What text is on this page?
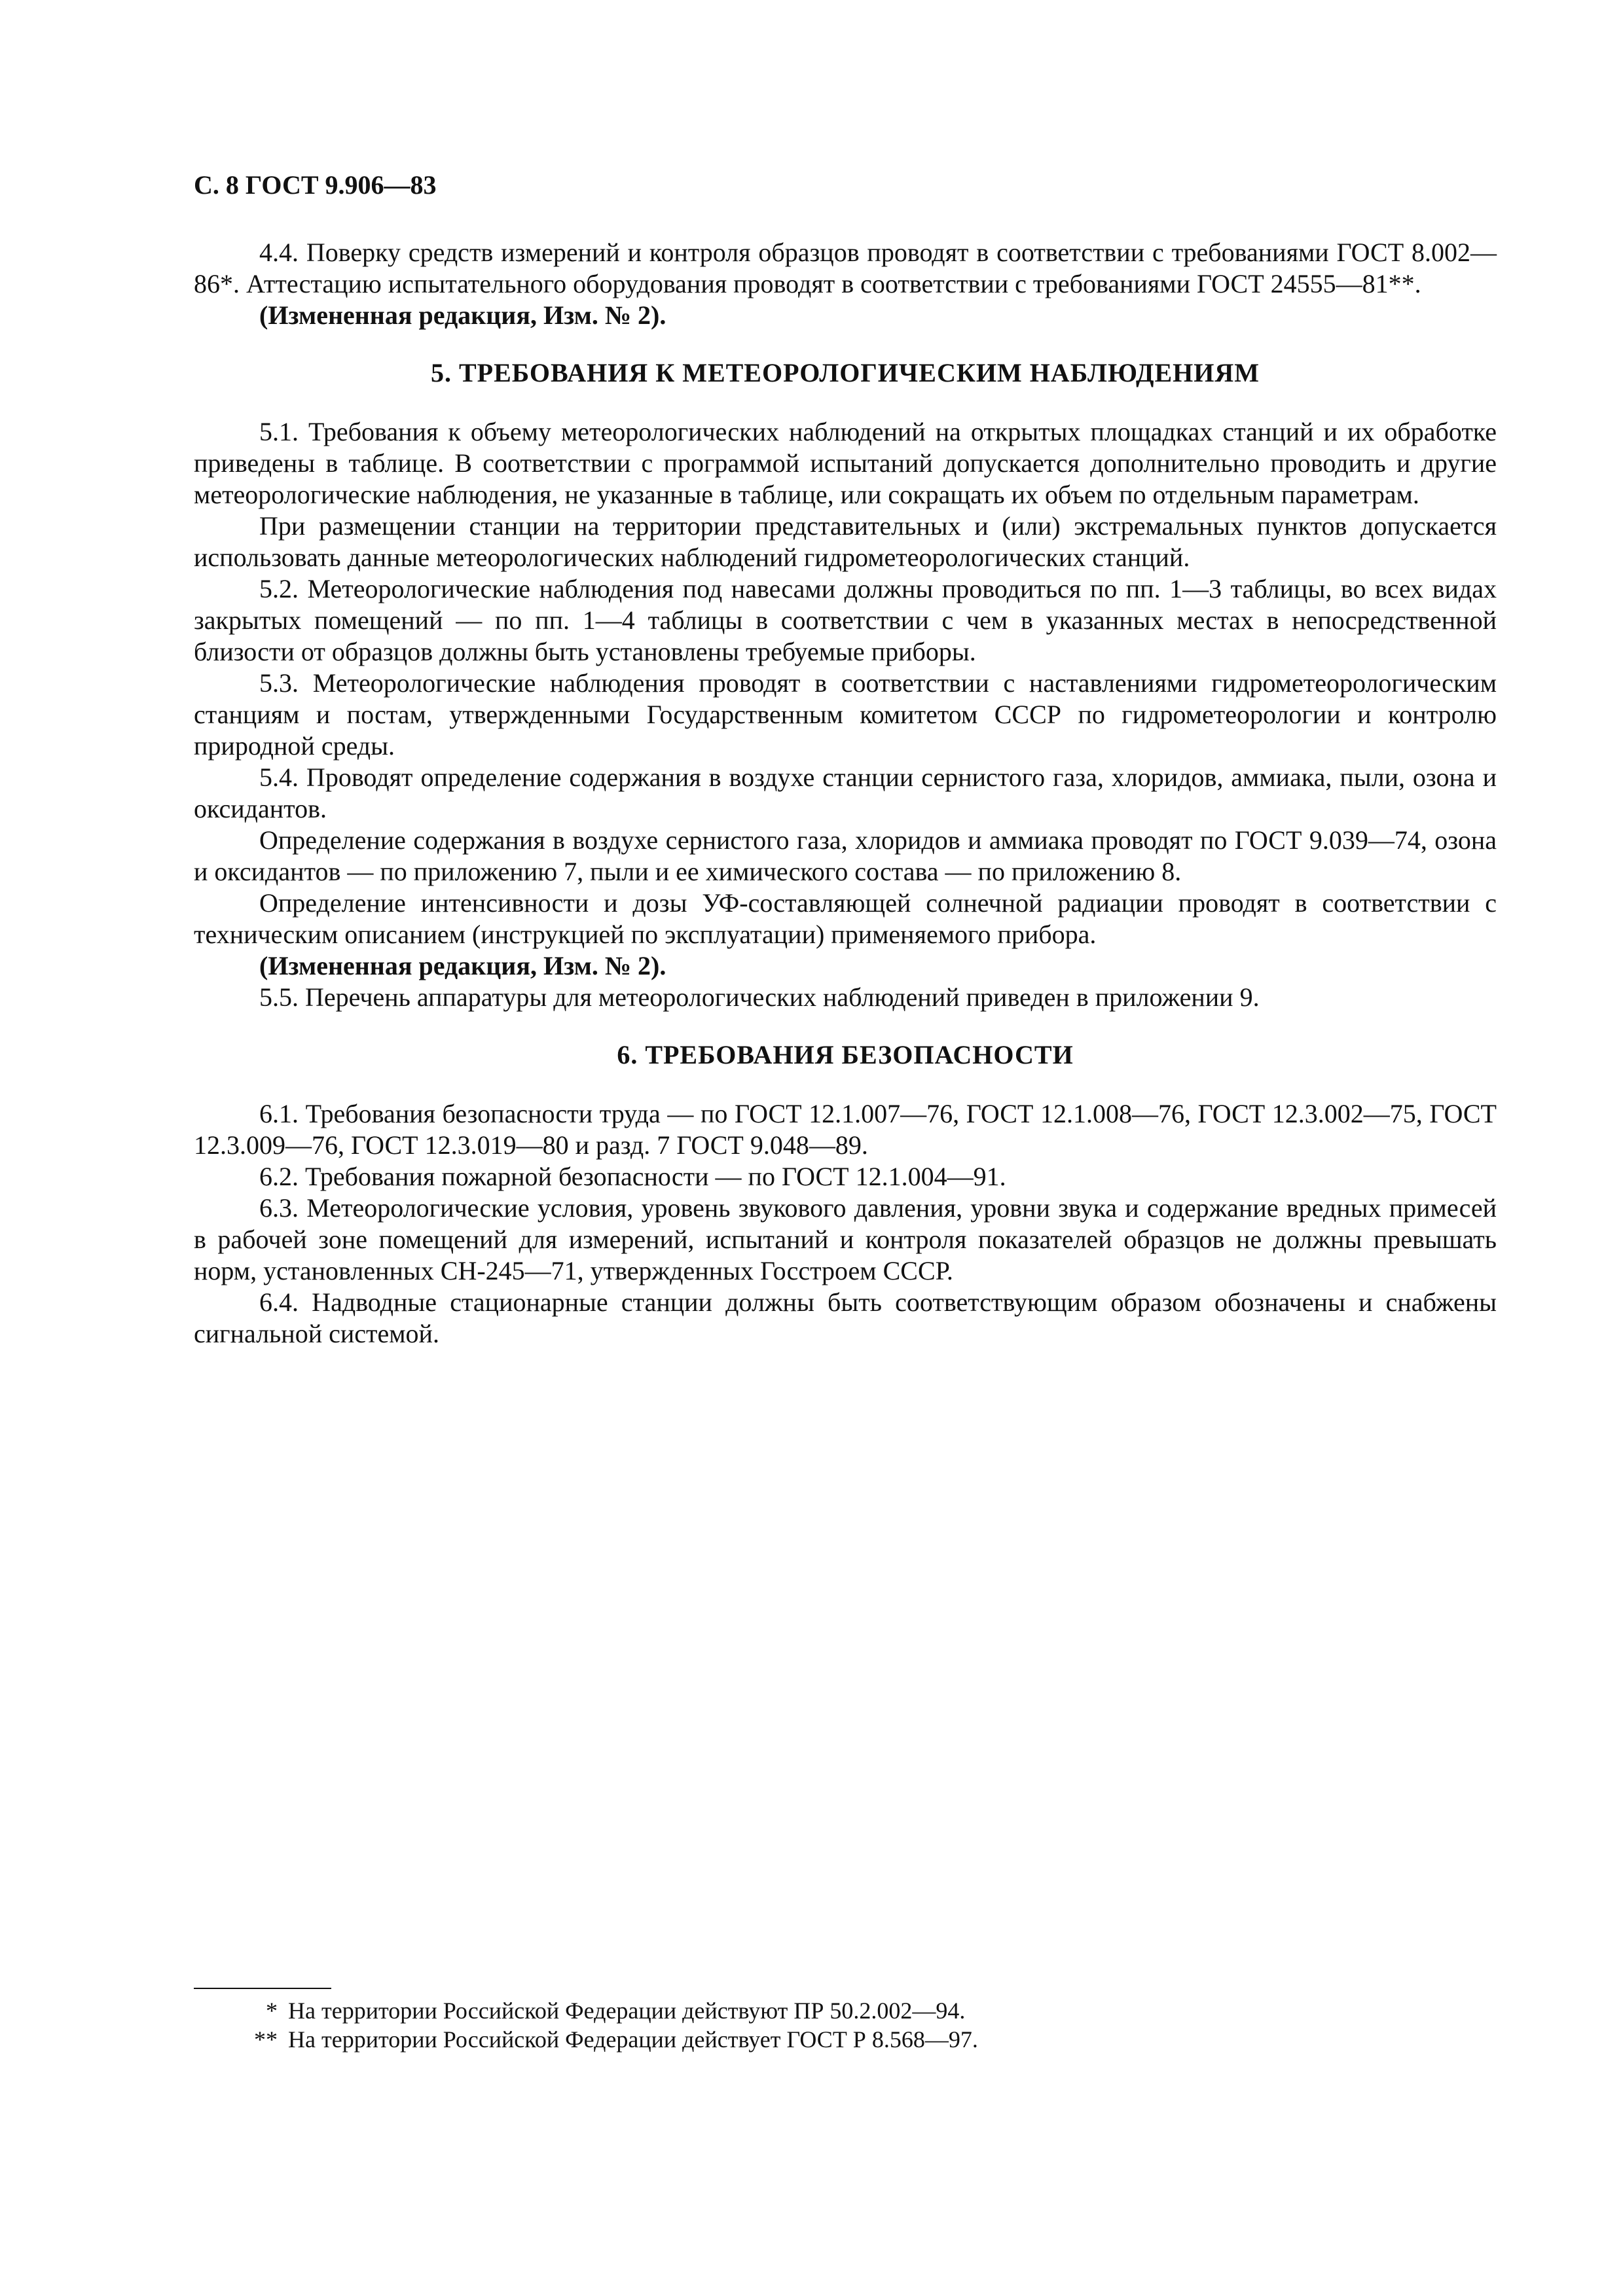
С. 8 ГОСТ 9.906—83

4.4. Поверку средств измерений и контроля образцов проводят в соответствии с требованиями ГОСТ 8.002—86*. Аттестацию испытательного оборудования проводят в соответствии с требованиями ГОСТ 24555—81**.

(Измененная редакция, Изм. № 2).

5. ТРЕБОВАНИЯ К МЕТЕОРОЛОГИЧЕСКИМ НАБЛЮДЕНИЯМ

5.1. Требования к объему метеорологических наблюдений на открытых площадках станций и их обработке приведены в таблице. В соответствии с программой испытаний допускается дополнительно проводить и другие метеорологические наблюдения, не указанные в таблице, или сокращать их объем по отдельным параметрам.

При размещении станции на территории представительных и (или) экстремальных пунктов допускается использовать данные метеорологических наблюдений гидрометеорологических станций.

5.2. Метеорологические наблюдения под навесами должны проводиться по пп. 1—3 таблицы, во всех видах закрытых помещений — по пп. 1—4 таблицы в соответствии с чем в указанных местах в непосредственной близости от образцов должны быть установлены требуемые приборы.

5.3. Метеорологические наблюдения проводят в соответствии с наставлениями гидрометеорологическим станциям и постам, утвержденными Государственным комитетом СССР по гидрометеорологии и контролю природной среды.

5.4. Проводят определение содержания в воздухе станции сернистого газа, хлоридов, аммиака, пыли, озона и оксидантов.

Определение содержания в воздухе сернистого газа, хлоридов и аммиака проводят по ГОСТ 9.039—74, озона и оксидантов — по приложению 7, пыли и ее химического состава — по приложению 8.

Определение интенсивности и дозы УФ-составляющей солнечной радиации проводят в соответствии с техническим описанием (инструкцией по эксплуатации) применяемого прибора.

(Измененная редакция, Изм. № 2).

5.5. Перечень аппаратуры для метеорологических наблюдений приведен в приложении 9.

6. ТРЕБОВАНИЯ БЕЗОПАСНОСТИ

6.1. Требования безопасности труда — по ГОСТ 12.1.007—76, ГОСТ 12.1.008—76, ГОСТ 12.3.002—75, ГОСТ 12.3.009—76, ГОСТ 12.3.019—80 и разд. 7 ГОСТ 9.048—89.

6.2. Требования пожарной безопасности — по ГОСТ 12.1.004—91.

6.3. Метеорологические условия, уровень звукового давления, уровни звука и содержание вредных примесей в рабочей зоне помещений для измерений, испытаний и контроля показателей образцов не должны превышать норм, установленных СН-245—71, утвержденных Госстроем СССР.

6.4. Надводные стационарные станции должны быть соответствующим образом обозначены и снабжены сигнальной системой.

* На территории Российской Федерации действуют ПР 50.2.002—94.
** На территории Российской Федерации действует ГОСТ Р 8.568—97.
